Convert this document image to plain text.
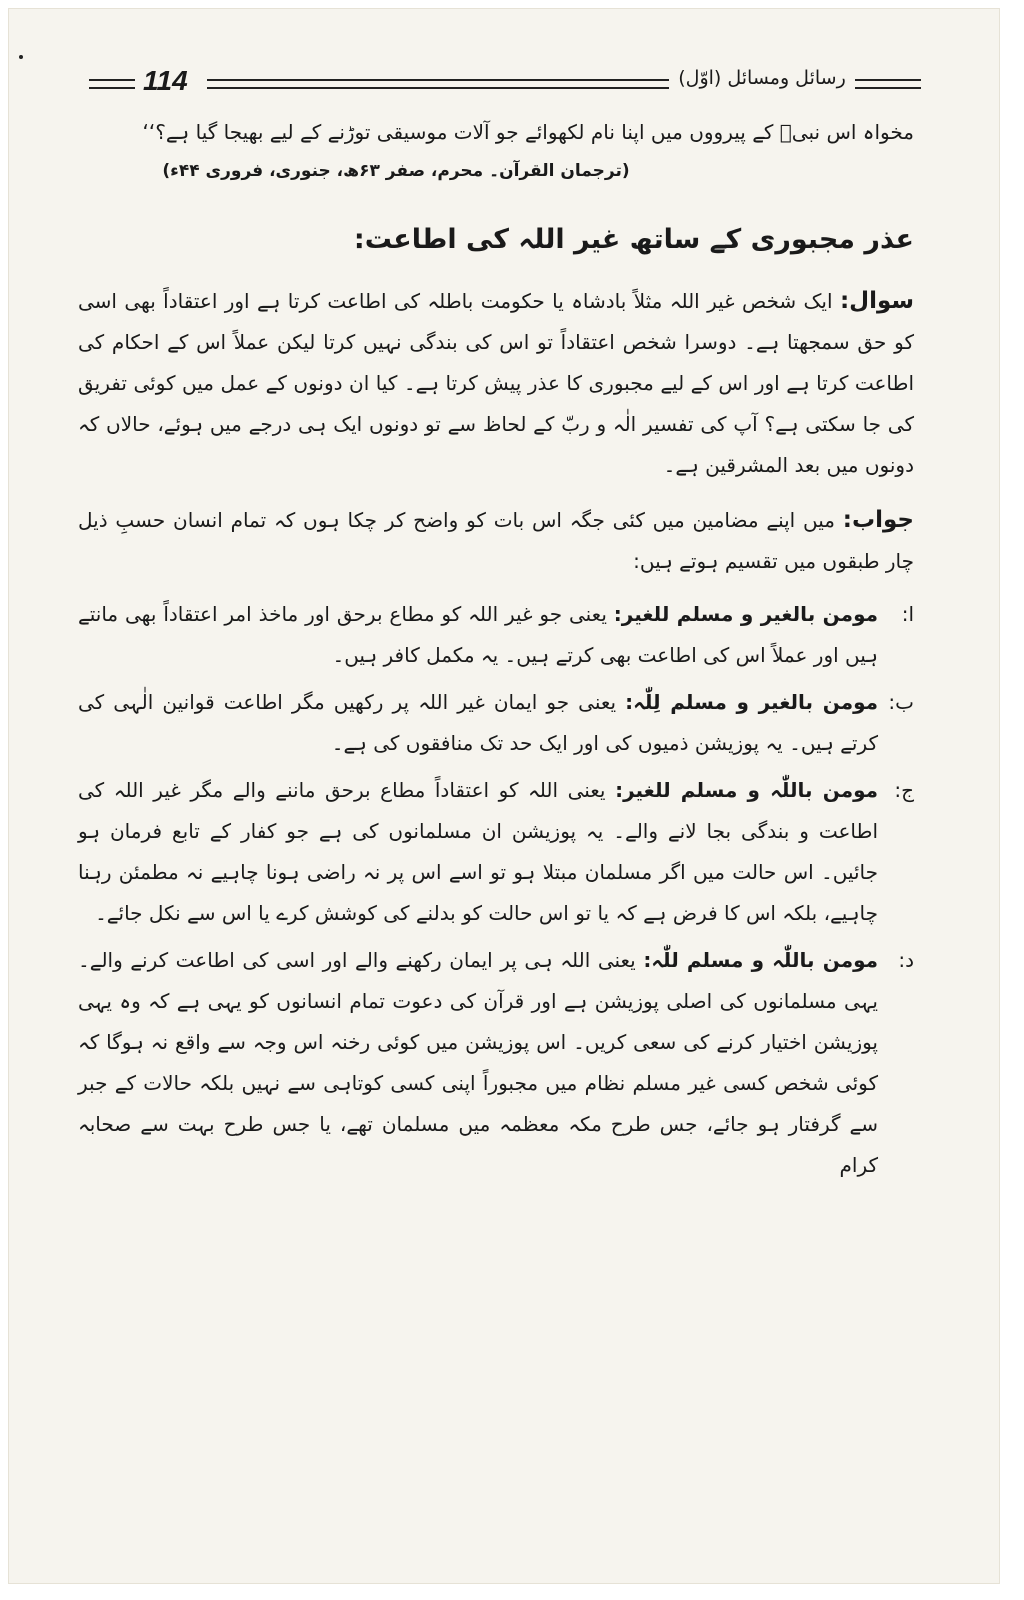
114	رسائل ومسائل (اوّل)

مخواہ اس نبیؐ کے پیرووں میں اپنا نام لکھوائے جو آلات موسیقی توڑنے کے لیے بھیجا گیا ہے؟‘‘

(ترجمان القرآن۔ محرم، صفر ۶۳ھ، جنوری، فروری ۴۴ء)

عذر مجبوری کے ساتھ غیر اللہ کی اطاعت:

سوال: ایک شخص غیر اللہ مثلاً بادشاہ یا حکومت باطلہ کی اطاعت کرتا ہے اور اعتقاداً بھی اسی کو حق سمجھتا ہے۔ دوسرا شخص اعتقاداً تو اس کی بندگی نہیں کرتا لیکن عملاً اس کے احکام کی اطاعت کرتا ہے اور اس کے لیے مجبوری کا عذر پیش کرتا ہے۔ کیا ان دونوں کے عمل میں کوئی تفریق کی جا سکتی ہے؟ آپ کی تفسیر الٰہ و ربّ کے لحاظ سے تو دونوں ایک ہی درجے میں ہوئے، حالاں کہ دونوں میں بعد المشرقین ہے۔

جواب: میں اپنے مضامین میں کئی جگہ اس بات کو واضح کر چکا ہوں کہ تمام انسان حسبِ ذیل چار طبقوں میں تقسیم ہوتے ہیں:

ا:
مومن بالغیر و مسلم للغیر: یعنی جو غیر اللہ کو مطاع برحق اور ماخذ امر اعتقاداً بھی مانتے ہیں اور عملاً اس کی اطاعت بھی کرتے ہیں۔ یہ مکمل کافر ہیں۔

ب:
مومن بالغیر و مسلم لِلّٰہ: یعنی جو ایمان غیر اللہ پر رکھیں مگر اطاعت قوانین الٰہی کی کرتے ہیں۔ یہ پوزیشن ذمیوں کی اور ایک حد تک منافقوں کی ہے۔

ج:
مومن باللّٰہ و مسلم للغیر: یعنی اللہ کو اعتقاداً مطاع برحق ماننے والے مگر غیر اللہ کی اطاعت و بندگی بجا لانے والے۔ یہ پوزیشن ان مسلمانوں کی ہے جو کفار کے تابع فرمان ہو جائیں۔ اس حالت میں اگر مسلمان مبتلا ہو تو اسے اس پر نہ راضی ہونا چاہیے نہ مطمئن رہنا چاہیے، بلکہ اس کا فرض ہے کہ یا تو اس حالت کو بدلنے کی کوشش کرے یا اس سے نکل جائے۔

د:
مومن باللّٰہ و مسلم للّٰہ: یعنی اللہ ہی پر ایمان رکھنے والے اور اسی کی اطاعت کرنے والے۔ یہی مسلمانوں کی اصلی پوزیشن ہے اور قرآن کی دعوت تمام انسانوں کو یہی ہے کہ وہ یہی پوزیشن اختیار کرنے کی سعی کریں۔ اس پوزیشن میں کوئی رخنہ اس وجہ سے واقع نہ ہوگا کہ کوئی شخص کسی غیر مسلم نظام میں مجبوراً اپنی کسی کوتاہی سے نہیں بلکہ حالات کے جبر سے گرفتار ہو جائے، جس طرح مکہ معظمہ میں مسلمان تھے، یا جس طرح بہت سے صحابہ کرام
